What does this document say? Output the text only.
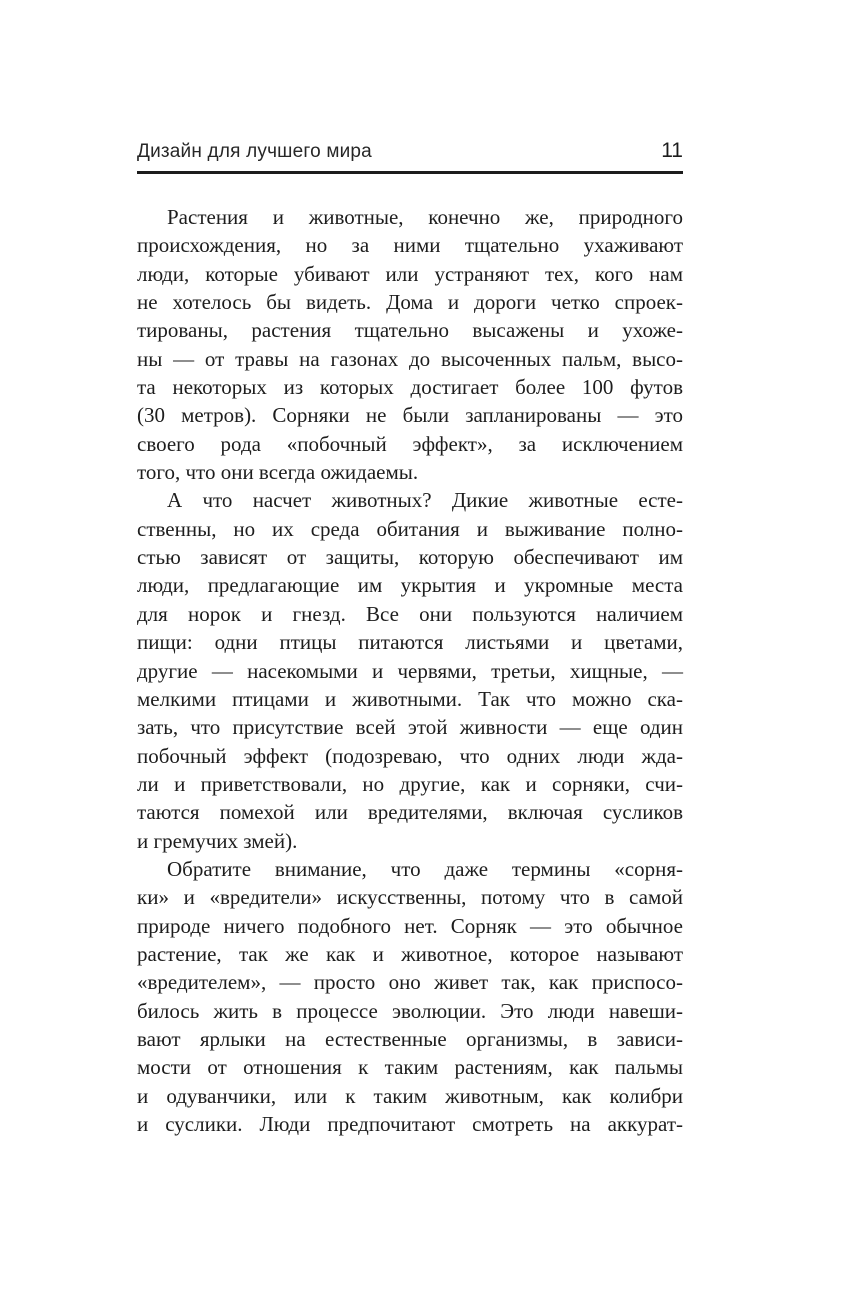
Дизайн для лучшего мира	11
Растения и животные, конечно же, природного
происхождения, но за ними тщательно ухаживают
люди, которые убивают или устраняют тех, кого нам
не хотелось бы видеть. Дома и дороги четко спроек-
тированы, растения тщательно высажены и ухоже-
ны — от травы на газонах до высоченных пальм, высо-
та некоторых из которых достигает более 100 футов
(30 метров). Сорняки не были запланированы — это
своего рода «побочный эффект», за исключением
того, что они всегда ожидаемы.
А что насчет животных? Дикие животные есте-
ственны, но их среда обитания и выживание полно-
стью зависят от защиты, которую обеспечивают им
люди, предлагающие им укрытия и укромные места
для норок и гнезд. Все они пользуются наличием
пищи: одни птицы питаются листьями и цветами,
другие — насекомыми и червями, третьи, хищные, —
мелкими птицами и животными. Так что можно ска-
зать, что присутствие всей этой живности — еще один
побочный эффект (подозреваю, что одних люди жда-
ли и приветствовали, но другие, как и сорняки, счи-
таются помехой или вредителями, включая сусликов
и гремучих змей).
Обратите внимание, что даже термины «сорня-
ки» и «вредители» искусственны, потому что в самой
природе ничего подобного нет. Сорняк — это обычное
растение, так же как и животное, которое называют
«вредителем», — просто оно живет так, как приспосо-
билось жить в процессе эволюции. Это люди навеши-
вают ярлыки на естественные организмы, в зависи-
мости от отношения к таким растениям, как пальмы
и одуванчики, или к таким животным, как колибри
и суслики. Люди предпочитают смотреть на аккурат-
